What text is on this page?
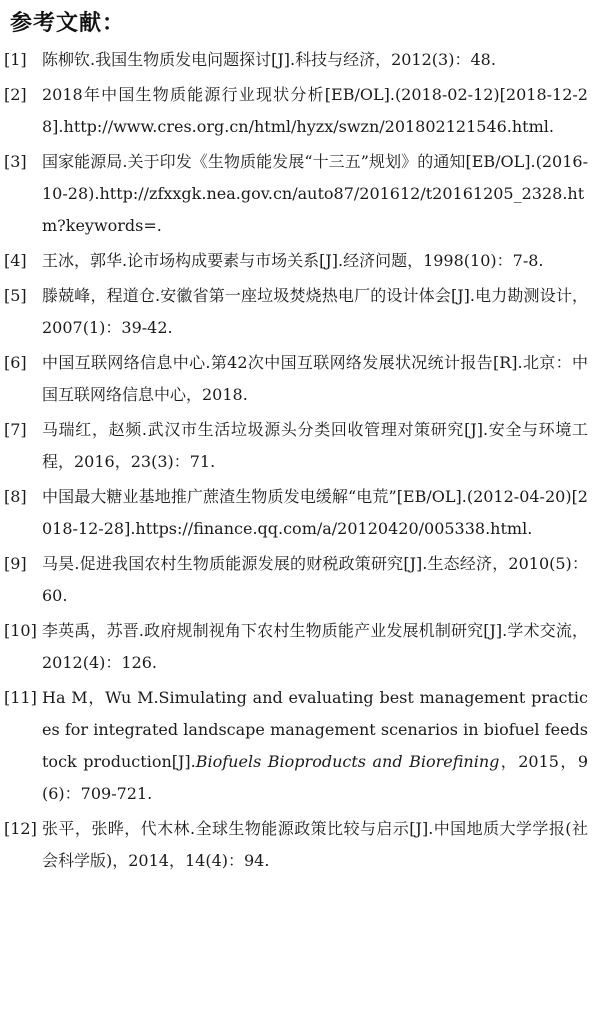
参考文献：
[1] 陈柳钦.我国生物质发电问题探讨[J].科技与经济，2012(3)：48.
[2] 2018年中国生物质能源行业现状分析[EB/OL].(2018-02-12)[2018-12-28].http://www.cres.org.cn/html/hyzx/swzn/201802121546.html.
[3] 国家能源局.关于印发《生物质能发展“十三五”规划》的通知[EB/OL].(2016-10-28).http://zfxxgk.nea.gov.cn/auto87/201612/t20161205_2328.htm?keywords=.
[4] 王冰，郭华.论市场构成要素与市场关系[J].经济问题，1998(10)：7-8.
[5] 滕兢峰，程道仓.安徽省第一座垃圾焚烧热电厂的设计体会[J].电力勘测设计，2007(1)：39-42.
[6] 中国互联网络信息中心.第42次中国互联网络发展状况统计报告[R].北京：中国互联网络信息中心，2018.
[7] 马瑞红，赵频.武汉市生活垃圾源头分类回收管理对策研究[J].安全与环境工程，2016，23(3)：71.
[8] 中国最大糖业基地推广蔗渣生物质发电缓解“电荒”[EB/OL].(2012-04-20)[2018-12-28].https://finance.qq.com/a/20120420/005338.html.
[9] 马昊.促进我国农村生物质能源发展的财税政策研究[J].生态经济，2010(5)：60.
[10] 李英禹，苏晋.政府规制视角下农村生物质能产业发展机制研究[J].学术交流，2012(4)：126.
[11] Ha M，Wu M.Simulating and evaluating best management practices for integrated landscape management scenarios in biofuel feedstock production[J].Biofuels Bioproducts and Biorefining，2015，9(6)：709-721.
[12] 张平，张晔，代木林.全球生物能源政策比较与启示[J].中国地质大学学报(社会科学版)，2014，14(4)：94.
